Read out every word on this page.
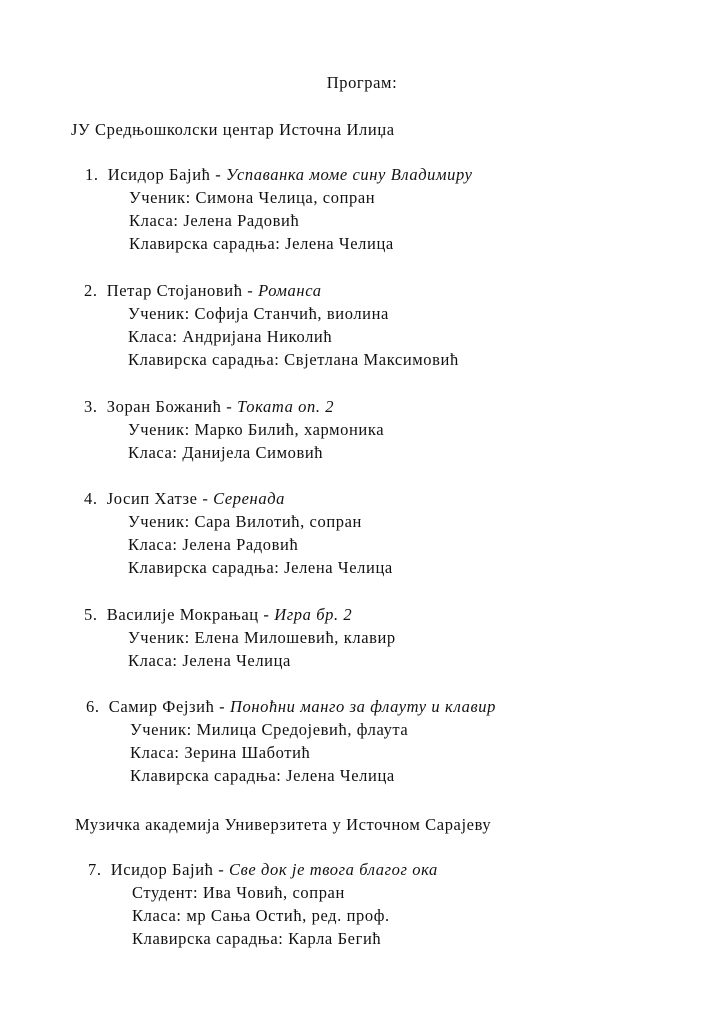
Програм:
ЈУ Средњошколски центар Источна Илиџа
1. Исидор Бајић - Успаванка моме сину Владимиру
Ученик: Симона Челица, сопран
Класа: Јелена Радовић
Клавирска сарадња: Јелена Челица
2. Петар Стојановић - Романса
Ученик: Софија Станчић, виолина
Класа: Андријана Николић
Клавирска сарадња: Свјетлана Максимовић
3. Зоран Божанић - Токата оп. 2
Ученик: Марко Билић, хармоника
Класа: Данијела Симовић
4. Јосип Хатзе - Серенада
Ученик: Сара Вилотић, сопран
Класа: Јелена Радовић
Клавирска сарадња: Јелена Челица
5. Василије Мокрањац - Игра бр. 2
Ученик: Елена Милошевић, клавир
Класа: Јелена Челица
6. Самир Фејзић - Поноћни манго за флауту и клавир
Ученик: Милица Средојевић, флаута
Класа: Зерина Шаботић
Клавирска сарадња: Јелена Челица
Музичка академија Универзитета у Источном Сарајеву
7. Исидор Бајић - Све док је твога благог ока
Студент: Ива Човић, сопран
Класа: мр Сања Остић, ред. проф.
Клавирска сарадња: Карла Бегић
